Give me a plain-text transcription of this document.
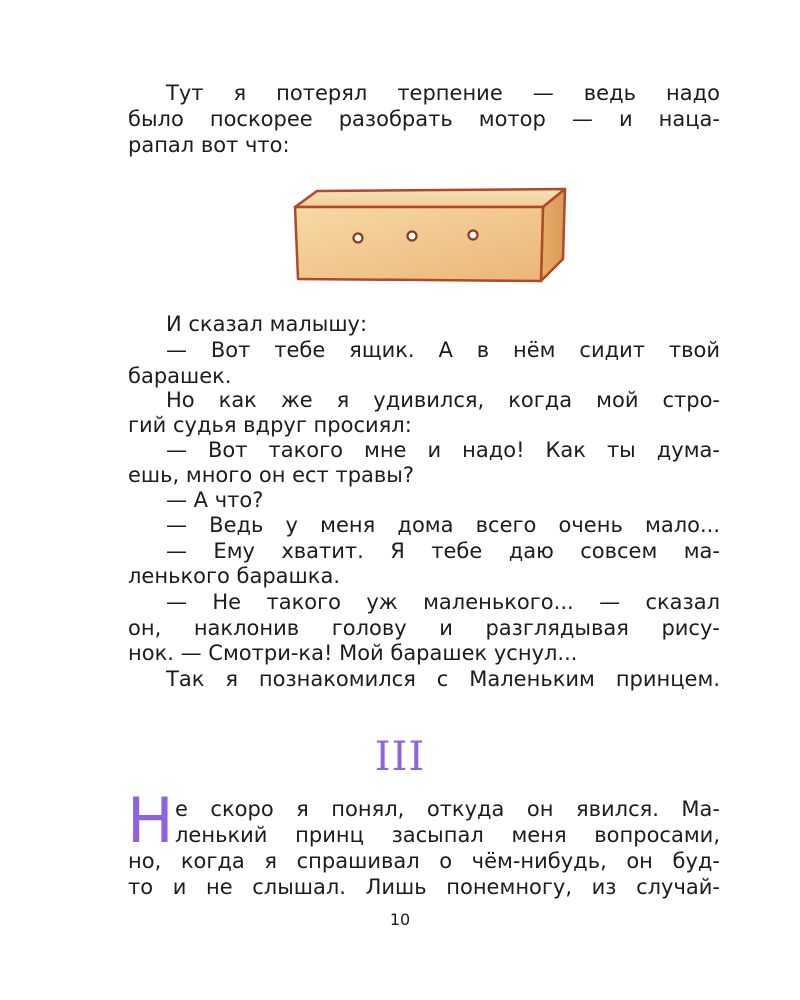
Тут я потерял терпение — ведь надо
было поскорее разобрать мотор — и наца-
рапал вот что:
И сказал малышу:
— Вот тебе ящик. А в нём сидит твой
барашек.
Но как же я удивился, когда мой стро-
гий судья вдруг просиял:
— Вот такого мне и надо! Как ты дума-
ешь, много он ест травы?
— А что?
— Ведь у меня дома всего очень мало...
— Ему хватит. Я тебе даю совсем ма-
ленького барашка.
— Не такого уж маленького... — сказал
он, наклонив голову и разглядывая рису-
нок. — Смотри-ка! Мой барашек уснул...
Так я познакомился с Маленьким принцем.
III
Н е скоро я понял, откуда он явился. Ма-
ленький принц засыпал меня вопросами,
но, когда я спрашивал о чём-нибудь, он буд-
то и не слышал. Лишь понемногу, из случай-
10
